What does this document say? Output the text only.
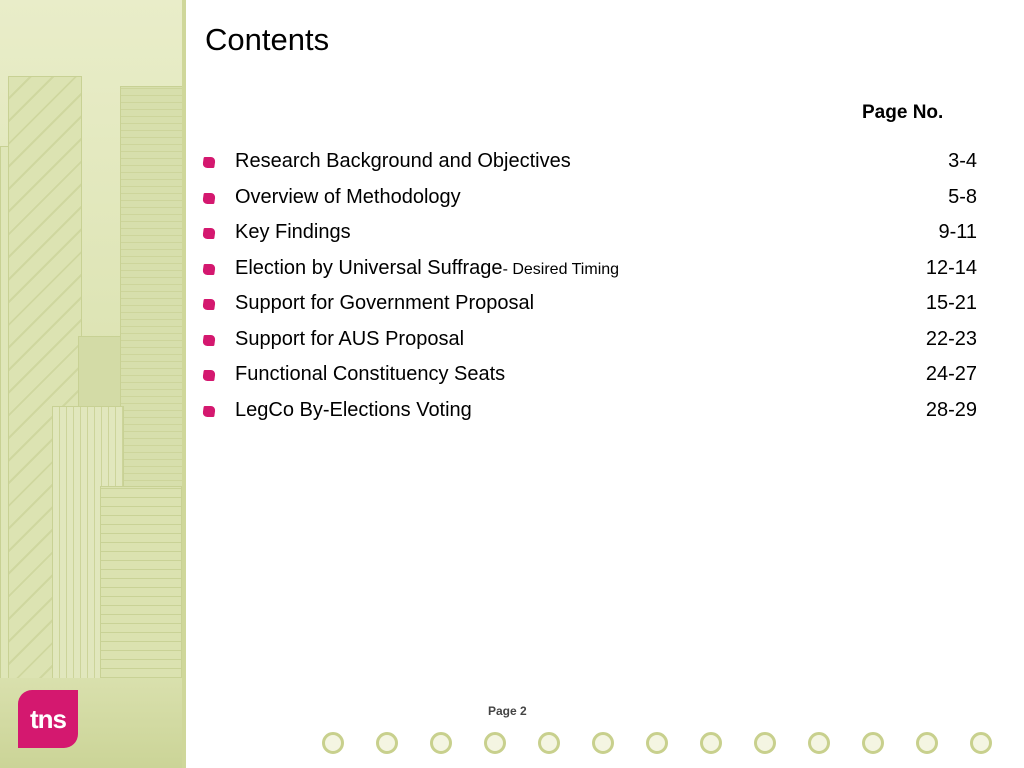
tns
Contents
Page No.
Research Background and Objectives	3-4
Overview of Methodology	5-8
Key Findings	9-11
Election by Universal Suffrage- Desired Timing	12-14
Support for Government Proposal	15-21
Support for AUS Proposal	22-23
Functional Constituency Seats	24-27
LegCo By-Elections Voting	28-29
Page 2
